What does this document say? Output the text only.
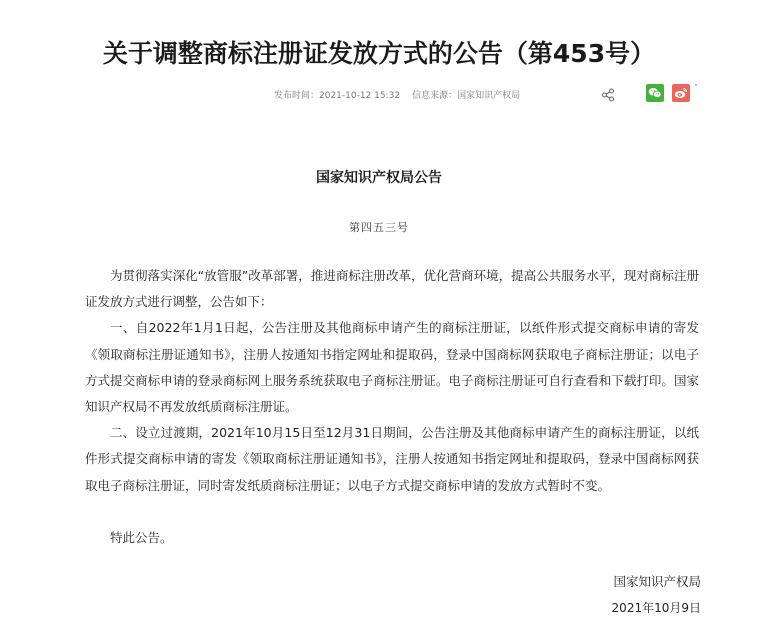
关于调整商标注册证发放方式的公告（第453号）
发布时间：2021-10-12 15:32 信息来源：国家知识产权局
国家知识产权局公告
第四五三号

为贯彻落实深化“放管服”改革部署，推进商标注册改革，优化营商环境，提高公共服务水平，现对商标注册证发放方式进行调整，公告如下：

一、自2022年1月1日起，公告注册及其他商标申请产生的商标注册证，以纸件形式提交商标申请的寄发《领取商标注册证通知书》，注册人按通知书指定网址和提取码，登录中国商标网获取电子商标注册证；以电子方式提交商标申请的登录商标网上服务系统获取电子商标注册证。电子商标注册证可自行查看和下载打印。国家知识产权局不再发放纸质商标注册证。

二、设立过渡期，2021年10月15日至12月31日期间，公告注册及其他商标申请产生的商标注册证，以纸件形式提交商标申请的寄发《领取商标注册证通知书》，注册人按通知书指定网址和提取码，登录中国商标网获取电子商标注册证，同时寄发纸质商标注册证；以电子方式提交商标申请的发放方式暂时不变。

特此公告。

国家知识产权局
2021年10月9日
